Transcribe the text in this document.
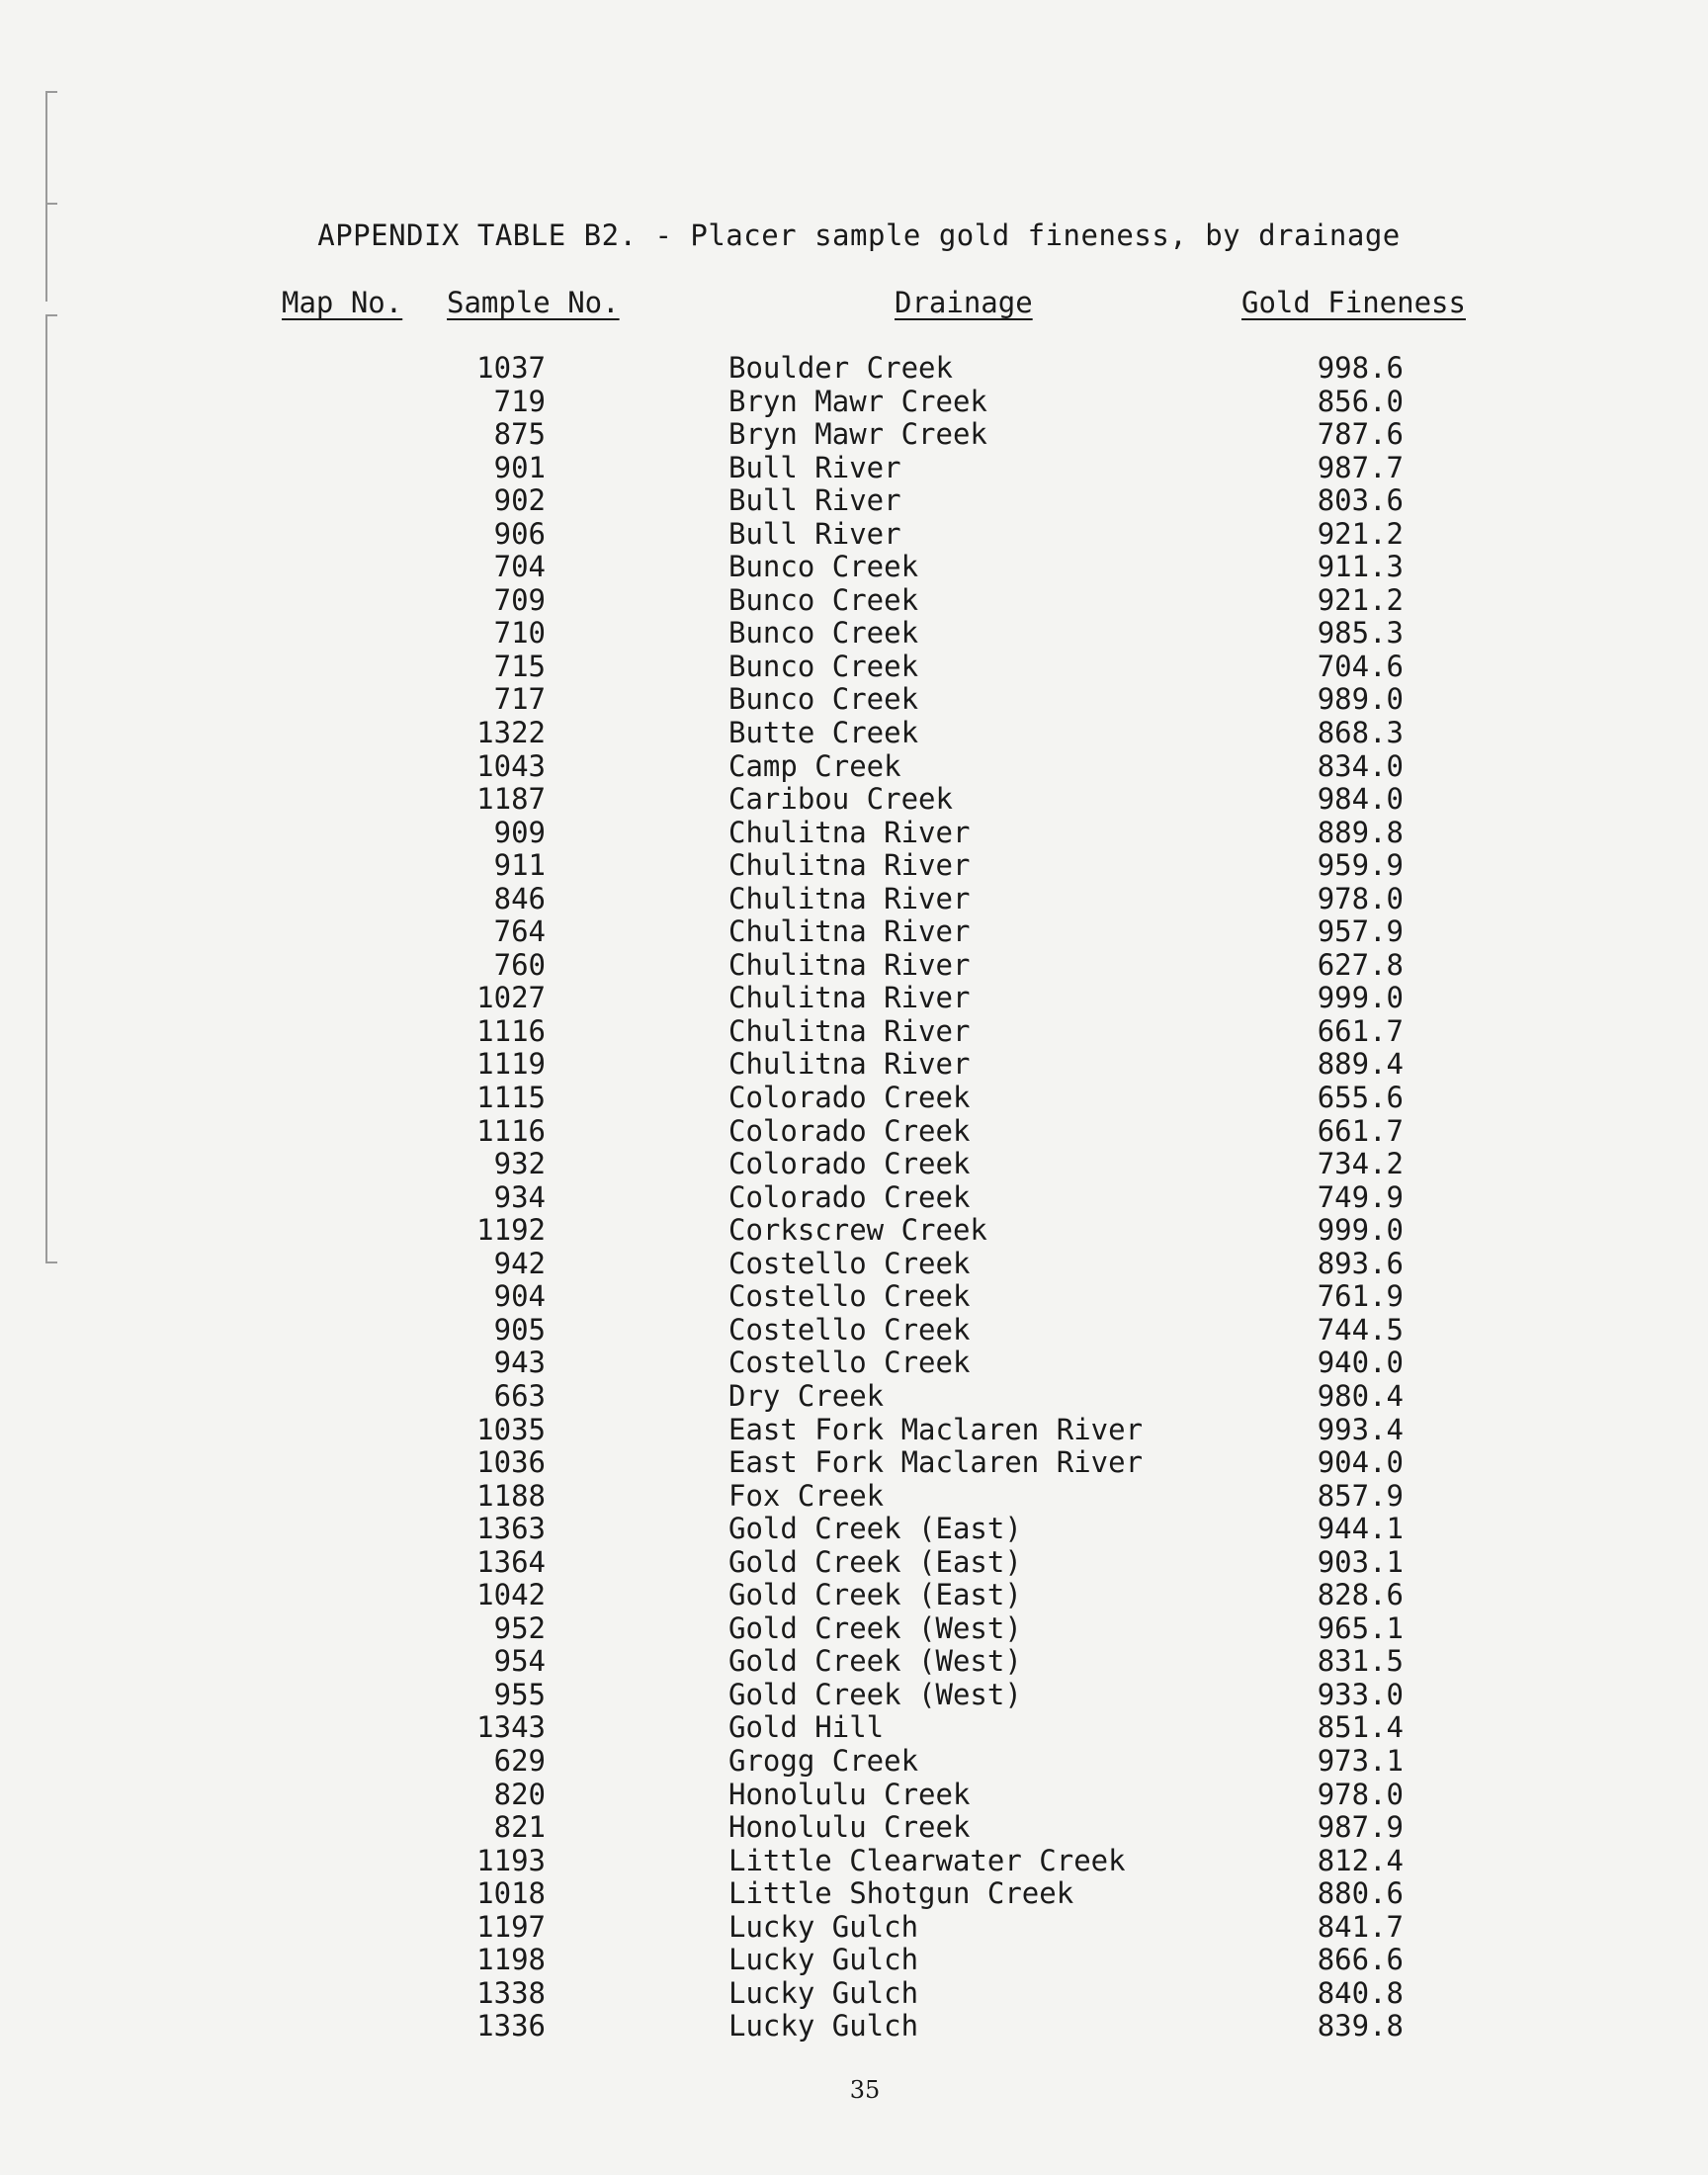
APPENDIX TABLE B2. - Placer sample gold fineness, by drainage
Map No. Sample No.	Drainage	Gold Fineness
1037	Boulder Creek	998.6
719	Bryn Mawr Creek	856.0
875	Bryn Mawr Creek	787.6
901	Bull River	987.7
902	Bull River	803.6
906	Bull River	921.2
704	Bunco Creek	911.3
709	Bunco Creek	921.2
710	Bunco Creek	985.3
715	Bunco Creek	704.6
717	Bunco Creek	989.0
1322	Butte Creek	868.3
1043	Camp Creek	834.0
1187	Caribou Creek	984.0
909	Chulitna River	889.8
911	Chulitna River	959.9
846	Chulitna River	978.0
764	Chulitna River	957.9
760	Chulitna River	627.8
1027	Chulitna River	999.0
1116	Chulitna River	661.7
1119	Chulitna River	889.4
1115	Colorado Creek	655.6
1116	Colorado Creek	661.7
932	Colorado Creek	734.2
934	Colorado Creek	749.9
1192	Corkscrew Creek	999.0
942	Costello Creek	893.6
904	Costello Creek	761.9
905	Costello Creek	744.5
943	Costello Creek	940.0
663	Dry Creek	980.4
1035	East Fork Maclaren River	993.4
1036	East Fork Maclaren River	904.0
1188	Fox Creek	857.9
1363	Gold Creek (East)	944.1
1364	Gold Creek (East)	903.1
1042	Gold Creek (East)	828.6
952	Gold Creek (West)	965.1
954	Gold Creek (West)	831.5
955	Gold Creek (West)	933.0
1343	Gold Hill	851.4
629	Grogg Creek	973.1
820	Honolulu Creek	978.0
821	Honolulu Creek	987.9
1193	Little Clearwater Creek	812.4
1018	Little Shotgun Creek	880.6
1197	Lucky Gulch	841.7
1198	Lucky Gulch	866.6
1338	Lucky Gulch	840.8
1336	Lucky Gulch	839.8
35
